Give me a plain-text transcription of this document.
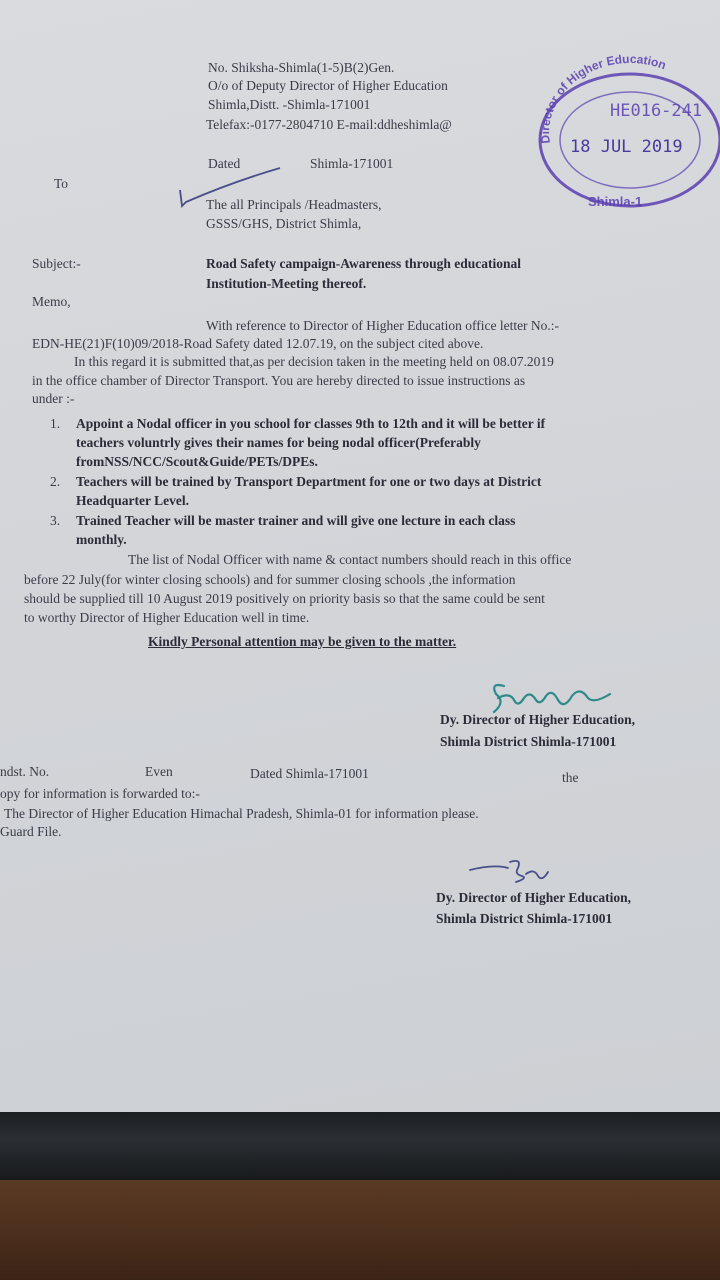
No. Shiksha-Shimla(1-5)B(2)Gen.
O/o of Deputy Director of Higher Education
Shimla,Distt. -Shimla-171001
Telefax:-0177-2804710 E-mail:ddheshimla@
Dated	Shimla-171001
Director of Higher Education
HE016-241
18 JUL 2019
Shimla-1
To
The all Principals /Headmasters,
GSSS/GHS, District Shimla,
Subject:-	Road Safety campaign-Awareness through educational
Institution-Meeting thereof.
Memo,
With reference to Director of Higher Education office letter No.:-
EDN-HE(21)F(10)09/2018-Road Safety dated 12.07.19, on the subject cited above.
In this regard it is submitted that,as per decision taken in the meeting held on 08.07.2019
in the office chamber of Director Transport. You are hereby directed to issue instructions as
under :-
1. Appoint a Nodal officer in you school for classes 9th to 12th and it will be better if
teachers voluntrly gives their names for being nodal officer(Preferably
fromNSS/NCC/Scout&Guide/PETs/DPEs.
2. Teachers will be trained by Transport Department for one or two days at District
Headquarter Level.
3. Trained Teacher will be master trainer and will give one lecture in each class
monthly.
The list of Nodal Officer with name & contact numbers should reach in this office
before 22 July(for winter closing schools) and for summer closing schools ,the information
should be supplied till 10 August 2019 positively on priority basis so that the same could be sent
to worthy Director of Higher Education well in time.
Kindly Personal attention may be given to the matter.
Dy. Director of Higher Education,
Shimla District Shimla-171001
ndst. No.	Even	Dated Shimla-171001	the
opy for information is forwarded to:-
The Director of Higher Education Himachal Pradesh, Shimla-01 for information please.
Guard File.
Dy. Director of Higher Education,
Shimla District Shimla-171001
